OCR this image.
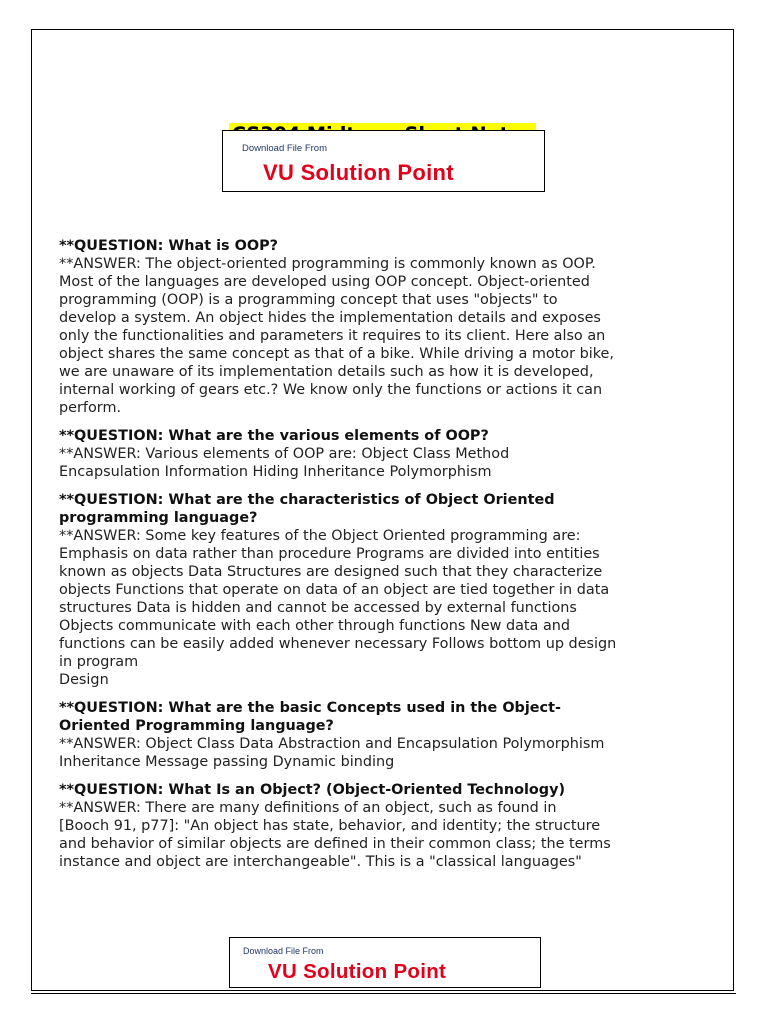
Download File From
VU Solution Point
**QUESTION: What is OOP?
**ANSWER: The object-oriented programming is commonly known as OOP.
Most of the languages are developed using OOP concept. Object-oriented
programming (OOP) is a programming concept that uses "objects" to
develop a system. An object hides the implementation details and exposes
only the functionalities and parameters it requires to its client. Here also an
object shares the same concept as that of a bike. While driving a motor bike,
we are unaware of its implementation details such as how it is developed,
internal working of gears etc.? We know only the functions or actions it can
perform.
**QUESTION: What are the various elements of OOP?
**ANSWER: Various elements of OOP are: Object Class Method
Encapsulation Information Hiding Inheritance Polymorphism
**QUESTION: What are the characteristics of Object Oriented programming language?
**ANSWER: Some key features of the Object Oriented programming are:
Emphasis on data rather than procedure Programs are divided into entities
known as objects Data Structures are designed such that they characterize
objects Functions that operate on data of an object are tied together in data
structures Data is hidden and cannot be accessed by external functions
Objects communicate with each other through functions New data and
functions can be easily added whenever necessary Follows bottom up design
in program
Design
**QUESTION: What are the basic Concepts used in the Object-Oriented Programming language?
**ANSWER: Object Class Data Abstraction and Encapsulation Polymorphism
Inheritance Message passing Dynamic binding
**QUESTION: What Is an Object? (Object-Oriented Technology)
**ANSWER: There are many definitions of an object, such as found in
[Booch 91, p77]: "An object has state, behavior, and identity; the structure
and behavior of similar objects are defined in their common class; the terms
instance and object are interchangeable". This is a "classical languages"
Download File From
VU Solution Point
